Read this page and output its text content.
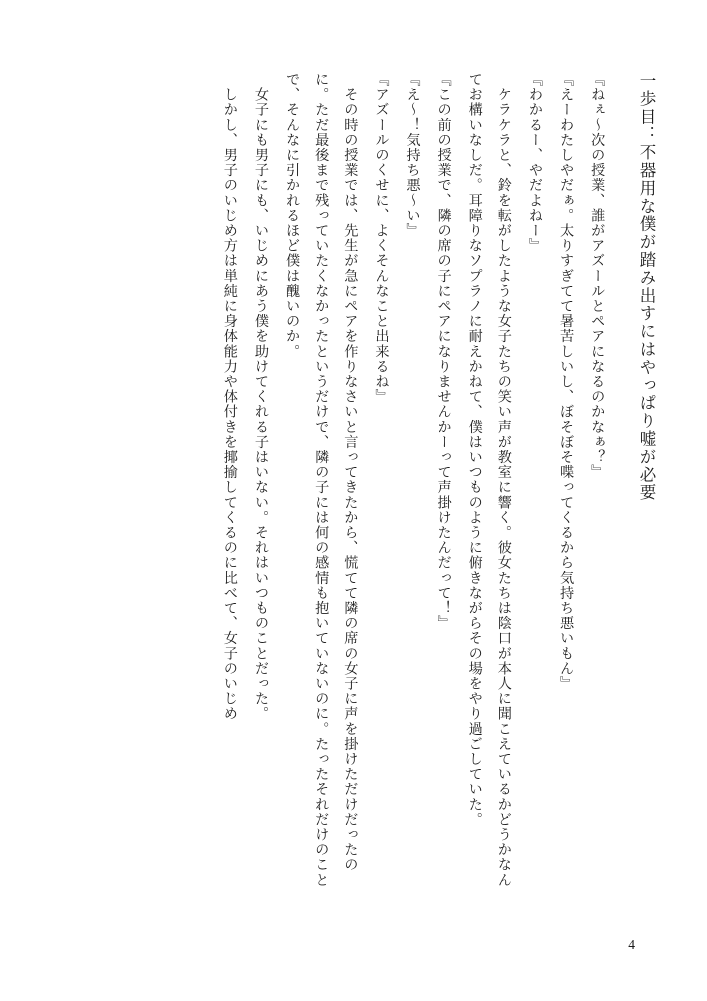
一歩目：不器用な僕が踏み出すにはやっぱり嘘が必要『ねぇ〜次の授業、誰がアズールとペアになるのかなぁ？』『えーわたしやだぁ。太りすぎてて暑苦しいし、ぼそぼそ喋ってくるから気持ち悪いもん』『わかるー、やだよねー』　ケラケラと、鈴を転がしたような女子たちの笑い声が教室に響く。彼女たちは陰口が本人に聞こえているかどうかなんてお構いなしだ。耳障りなソプラノに耐えかねて、僕はいつものように俯きながらその場をやり過ごしていた。『この前の授業で、隣の席の子にペアになりませんかーって声掛けたんだって！』『え〜！気持ち悪〜い』『アズールのくせに、よくそんなこと出来るね』　その時の授業では、先生が急にペアを作りなさいと言ってきたから、慌てて隣の席の女子に声を掛けただけだったのに。ただ最後まで残っていたくなかったというだけで、隣の子には何の感情も抱いていないのに。たったそれだけのことで、そんなに引かれるほど僕は醜いのか。　女子にも男子にも、いじめにあう僕を助けてくれる子はいない。それはいつものことだった。　しかし、男子のいじめ方は単純に身体能力や体付きを揶揄してくるのに比べて、女子のいじめ
4
